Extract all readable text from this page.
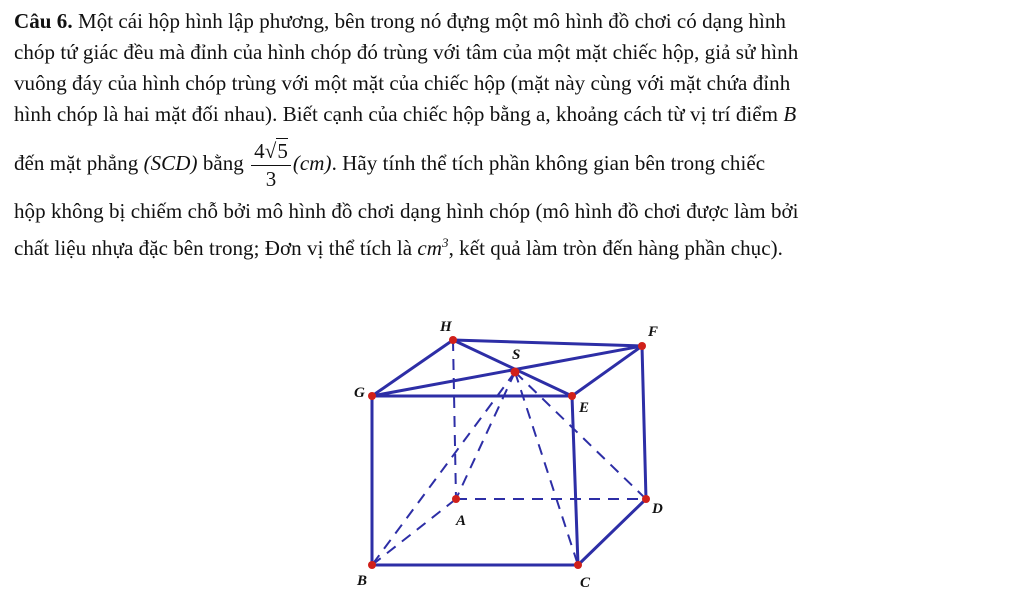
Câu 6. Một cái hộp hình lập phương, bên trong nó đựng một mô hình đồ chơi có dạng hình
chóp tứ giác đều mà đỉnh của hình chóp đó trùng với tâm của một mặt chiếc hộp, giả sử hình
vuông đáy của hình chóp trùng với một mặt của chiếc hộp (mặt này cùng với mặt chứa đỉnh
hình chóp là hai mặt đối nhau). Biết cạnh của chiếc hộp bằng a, khoảng cách từ vị trí điểm B
đến mặt phẳng (SCD) bằng $\frac{4√5}{3} (cm)$. Hãy tính thể tích phần không gian bên trong chiếc
hộp không bị chiếm chỗ bởi mô hình đồ chơi dạng hình chóp (mô hình đồ chơi được làm bởi
chất liệu nhựa đặc bên trong; Đơn vị thể tích là $cm^3$, kết quả làm tròn đến hàng phần chục).
H	F
S
G
E
A
D
B	C
